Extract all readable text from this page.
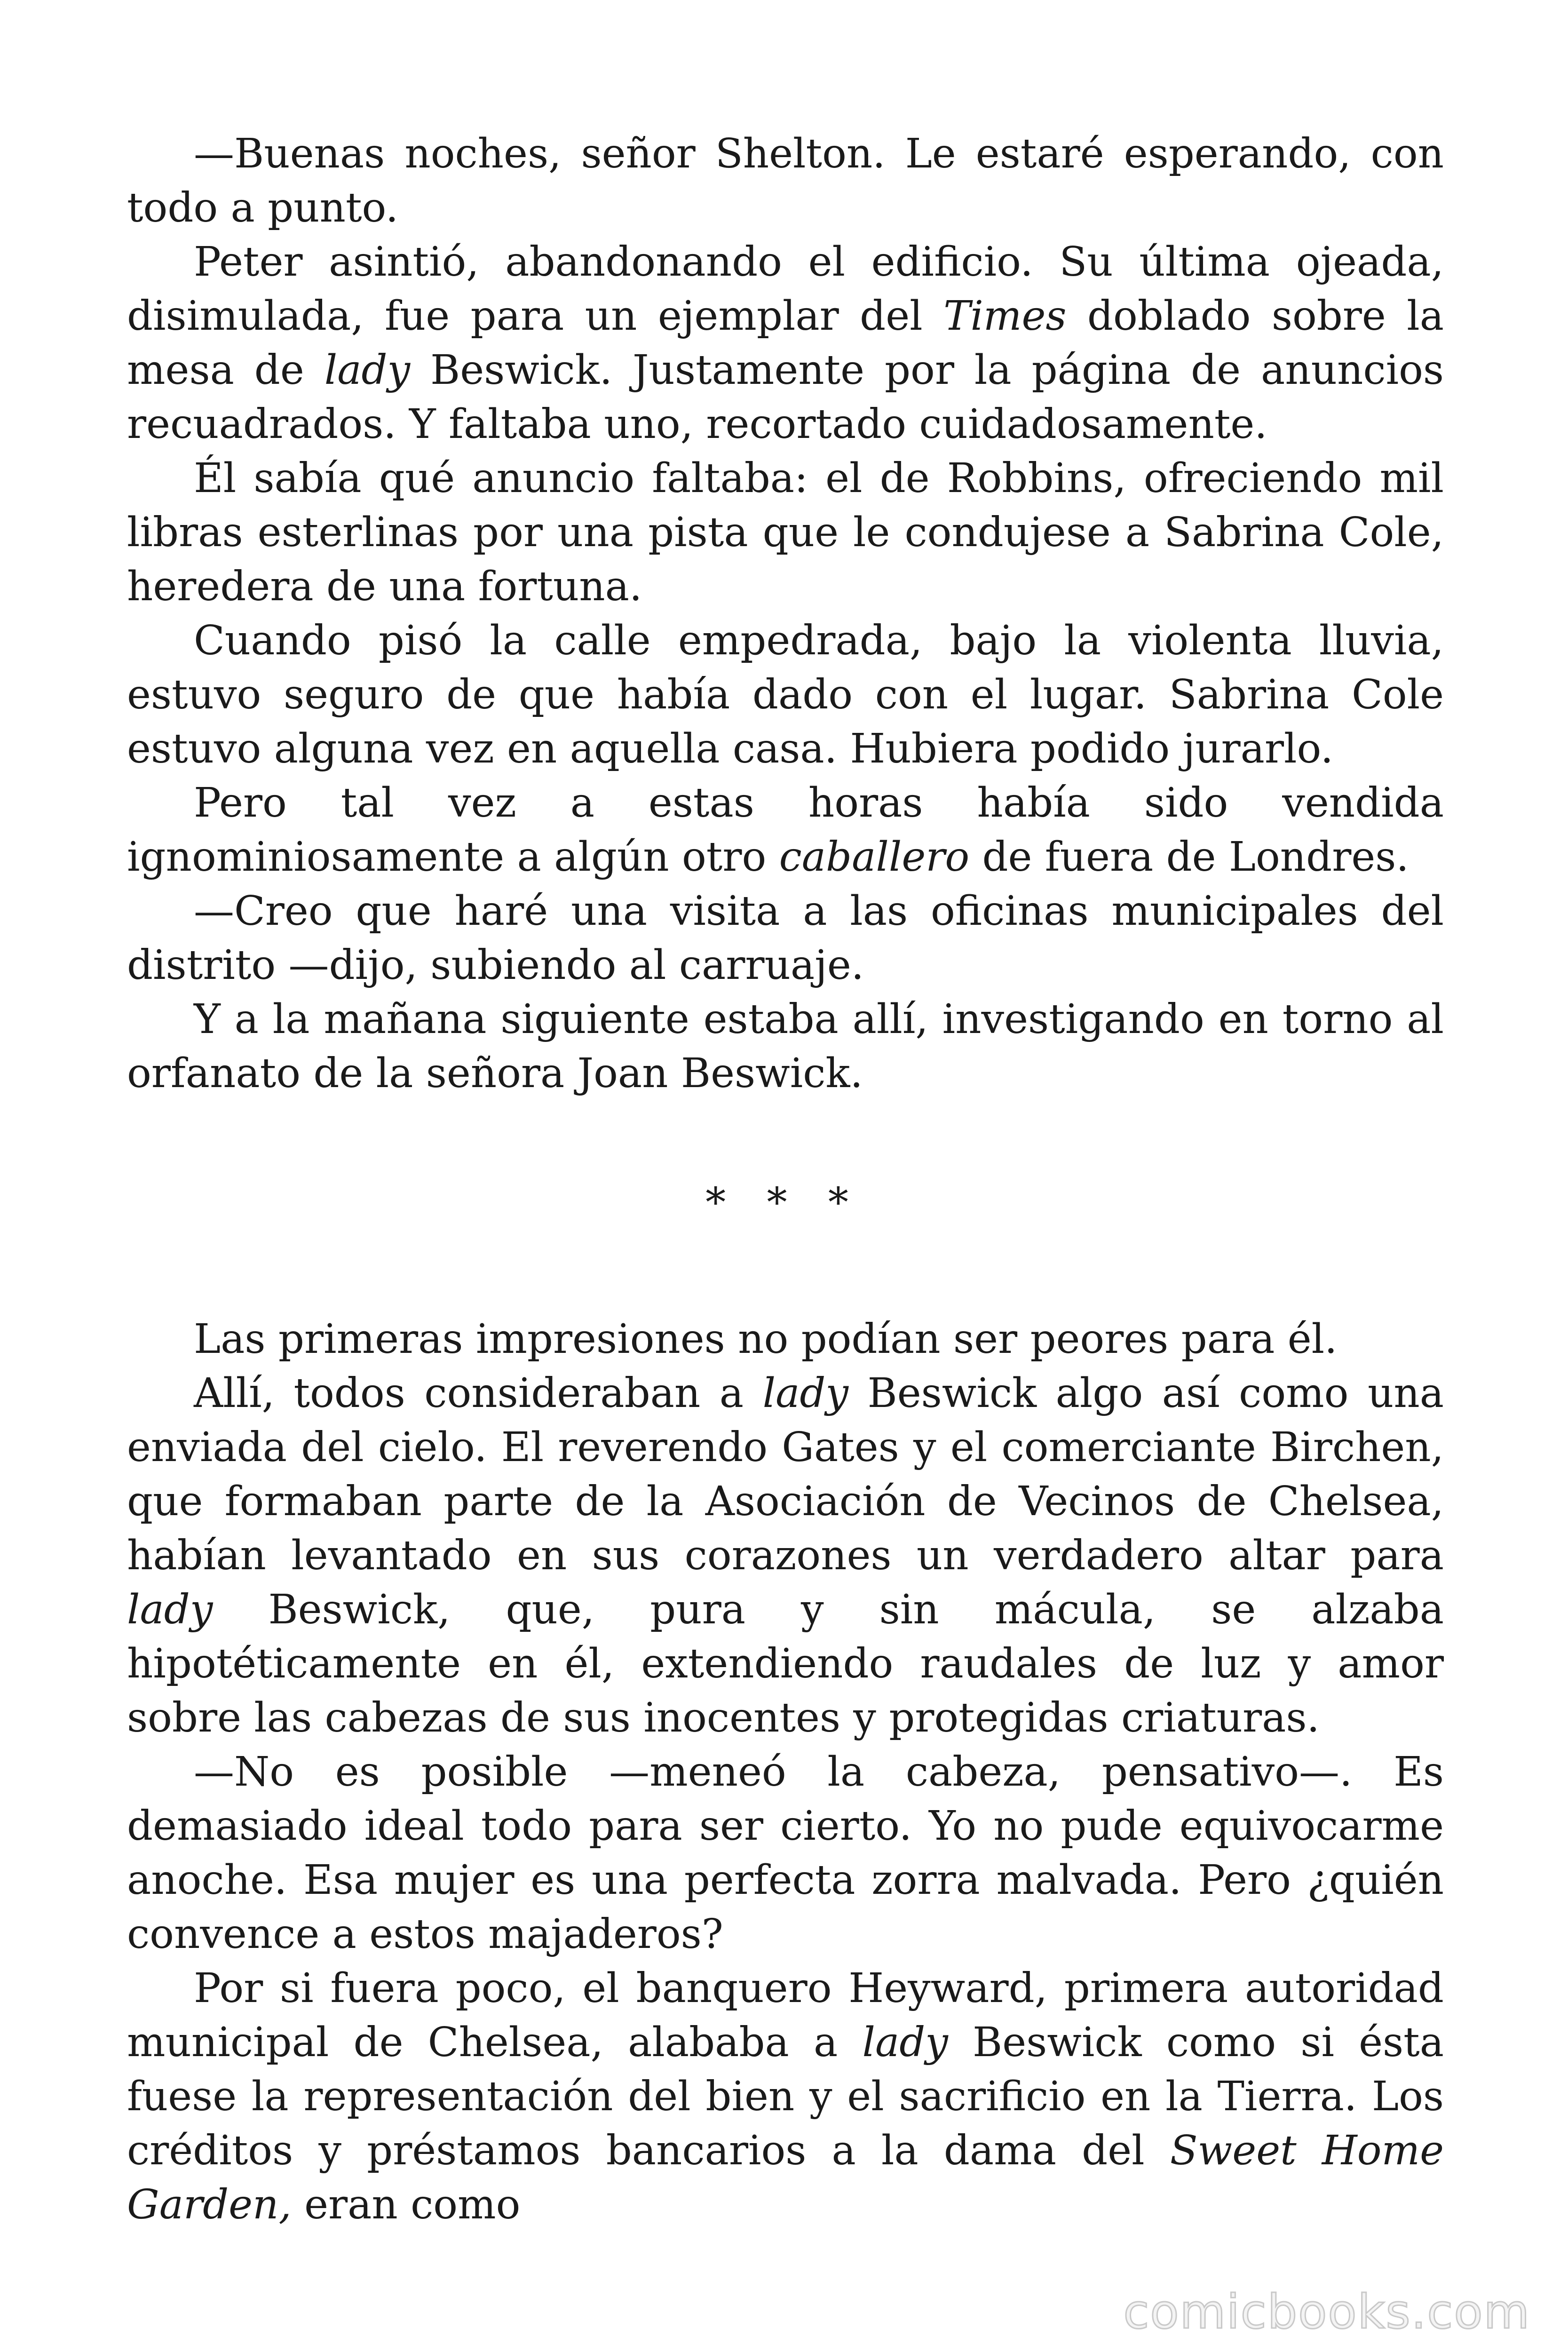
—Buenas noches, señor Shelton. Le estaré esperando, con todo a punto.

Peter asintió, abandonando el edificio. Su última ojeada, disimulada, fue para un ejemplar del Times doblado sobre la mesa de lady Beswick. Justamente por la página de anuncios recuadrados. Y faltaba uno, recortado cuidadosamente.

Él sabía qué anuncio faltaba: el de Robbins, ofreciendo mil libras esterlinas por una pista que le condujese a Sabrina Cole, heredera de una fortuna.

Cuando pisó la calle empedrada, bajo la violenta lluvia, estuvo seguro de que había dado con el lugar. Sabrina Cole estuvo alguna vez en aquella casa. Hubiera podido jurarlo.

Pero tal vez a estas horas había sido vendida ignominiosamente a algún otro caballero de fuera de Londres.

—Creo que haré una visita a las oficinas municipales del distrito —dijo, subiendo al carruaje.

Y a la mañana siguiente estaba allí, investigando en torno al orfanato de la señora Joan Beswick.

* * *

Las primeras impresiones no podían ser peores para él.

Allí, todos consideraban a lady Beswick algo así como una enviada del cielo. El reverendo Gates y el comerciante Birchen, que formaban parte de la Asociación de Vecinos de Chelsea, habían levantado en sus corazones un verdadero altar para lady Beswick, que, pura y sin mácula, se alzaba hipotéticamente en él, extendiendo raudales de luz y amor sobre las cabezas de sus inocentes y protegidas criaturas.

—No es posible —meneó la cabeza, pensativo—. Es demasiado ideal todo para ser cierto. Yo no pude equivocarme anoche. Esa mujer es una perfecta zorra malvada. Pero ¿quién convence a estos majaderos?

Por si fuera poco, el banquero Heyward, primera autoridad municipal de Chelsea, alababa a lady Beswick como si ésta fuese la representación del bien y el sacrificio en la Tierra. Los créditos y préstamos bancarios a la dama del Sweet Home Garden, eran como

comicbooks.com
